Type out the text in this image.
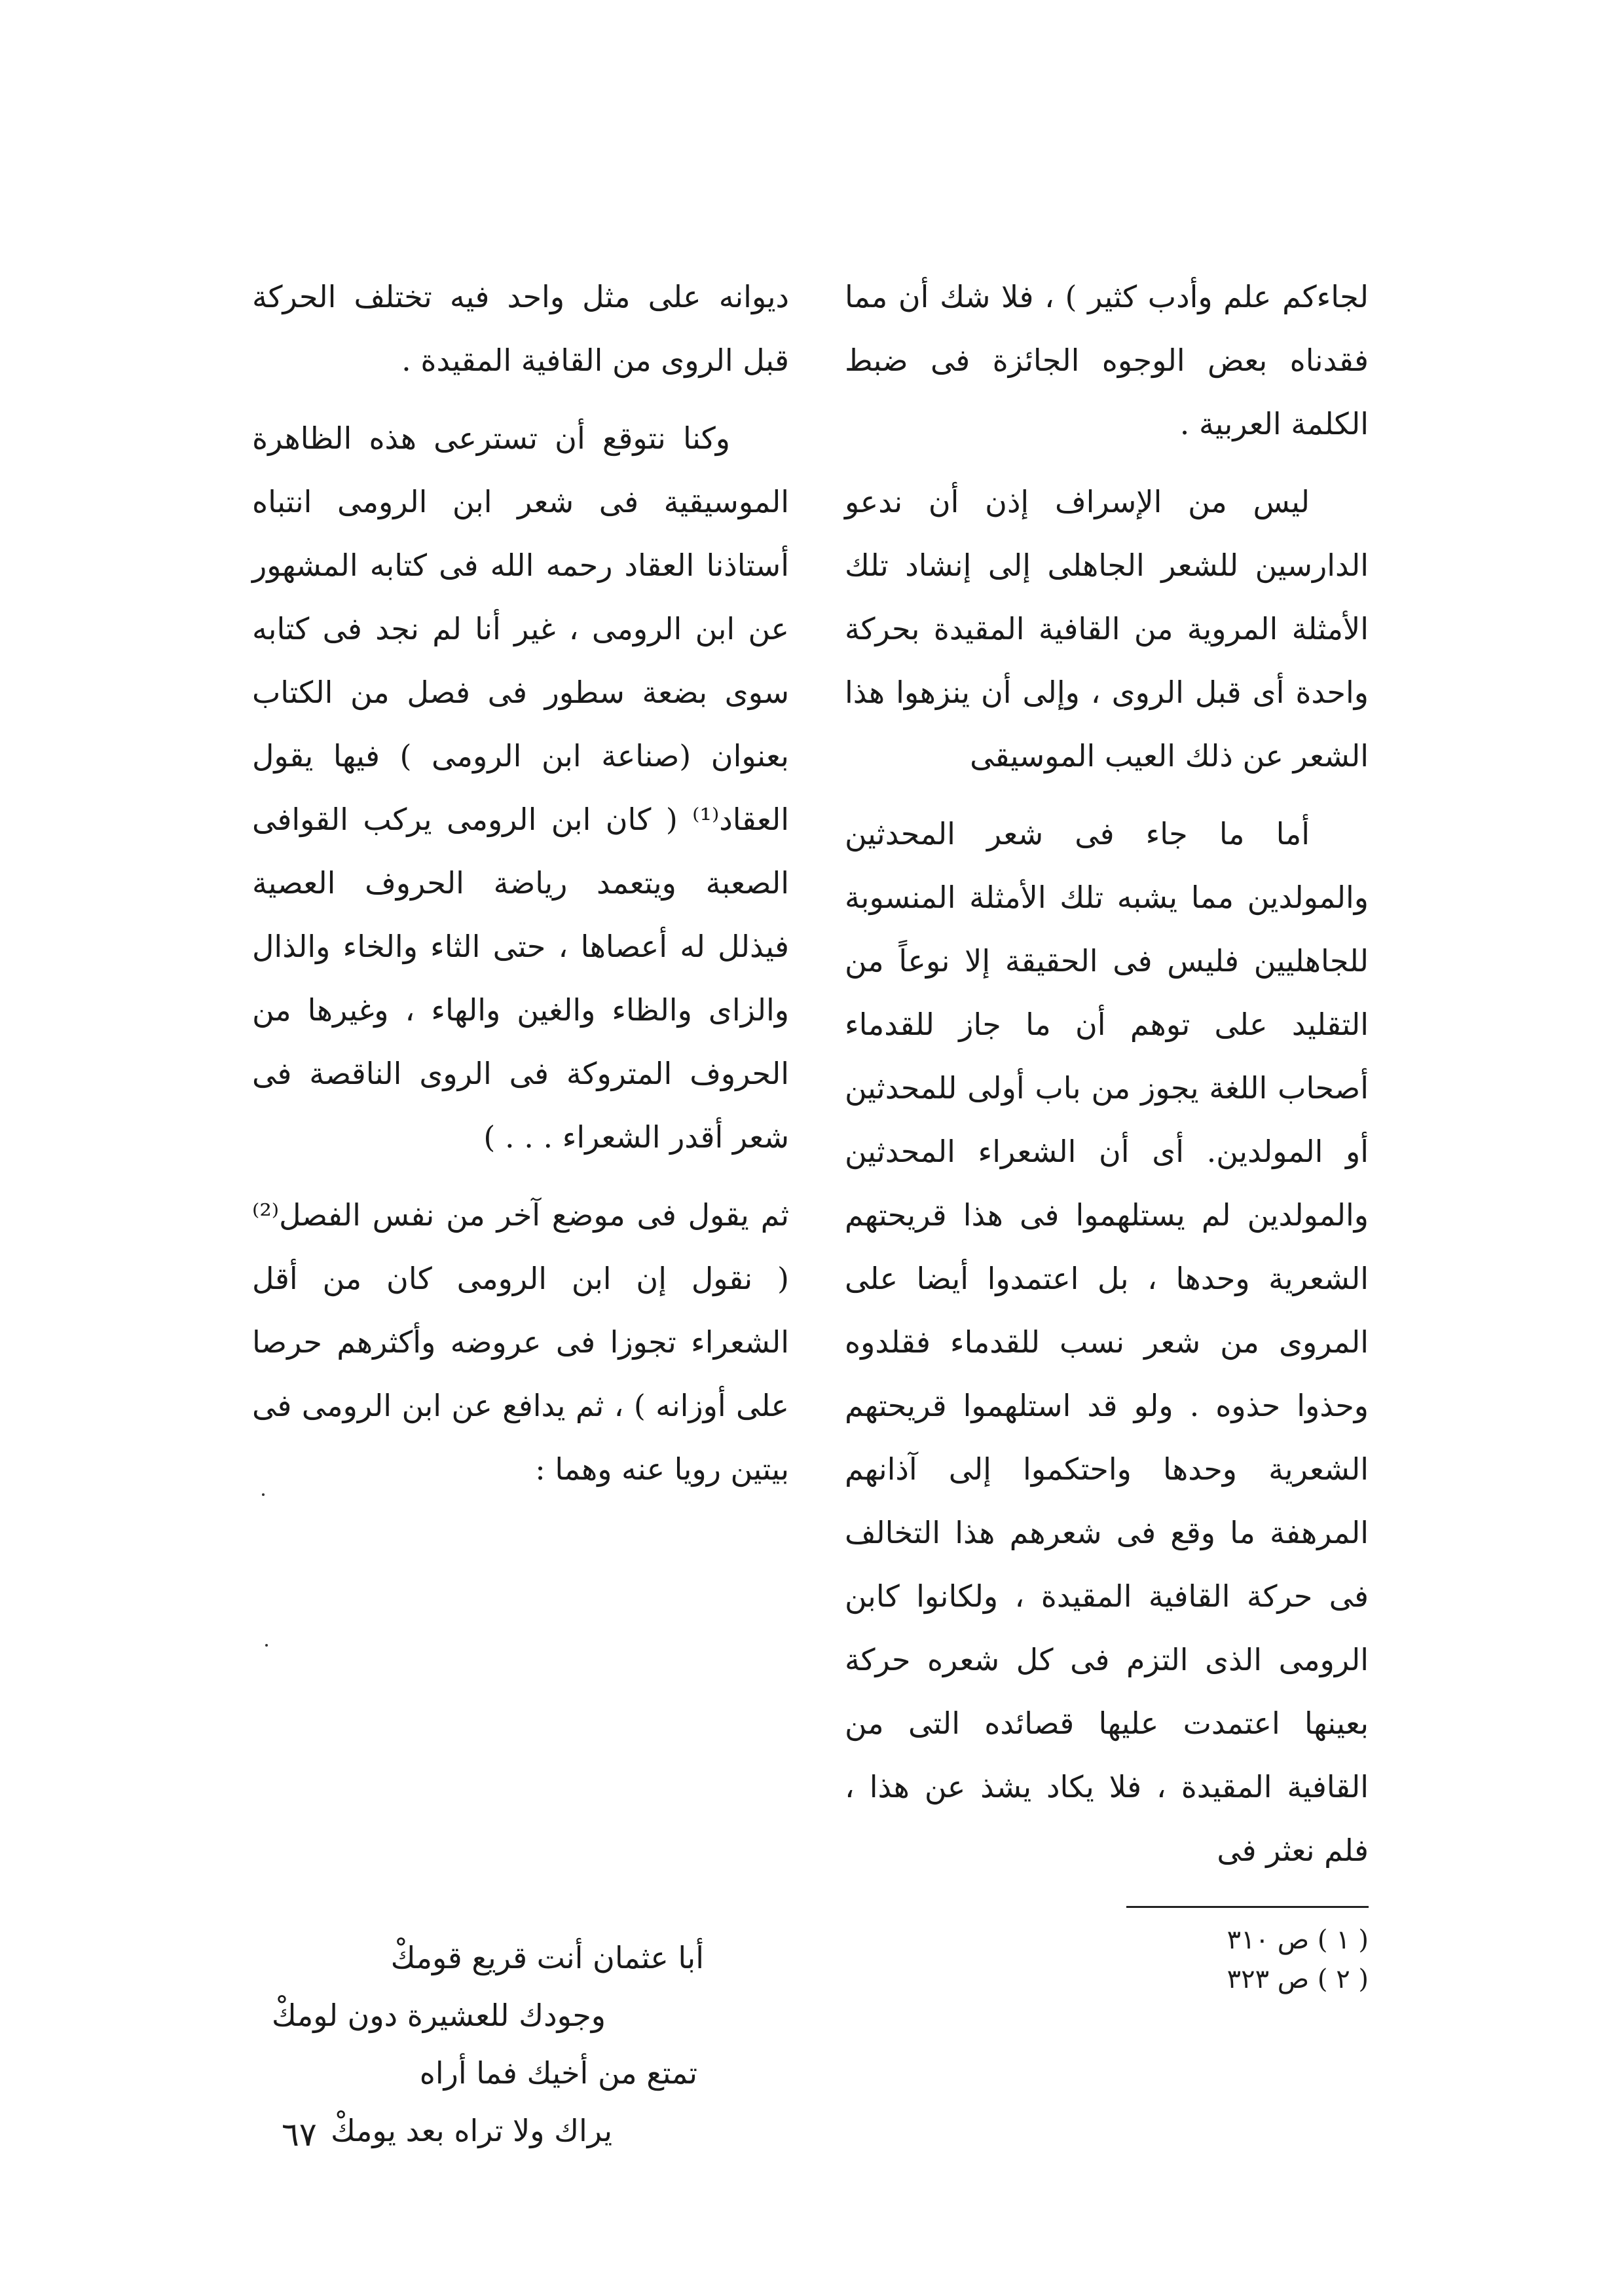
لجاءكم علم وأدب كثير ) ، فلا شك أن مما فقدناه بعض الوجوه الجائزة فى ضبط الكلمة العربية .

ليس من الإسراف إذن أن ندعو الدارسين للشعر الجاهلى إلى إنشاد تلك الأمثلة المروية من القافية المقيدة بحركة واحدة أى قبل الروى ، وإلى أن ينزهوا هذا الشعر عن ذلك العيب الموسيقى

أما ما جاء فى شعر المحدثين والمولدين مما يشبه تلك الأمثلة المنسوبة للجاهليين فليس فى الحقيقة إلا نوعاً من التقليد على توهم أن ما جاز للقدماء أصحاب اللغة يجوز من باب أولى للمحدثين أو المولدين. أى أن الشعراء المحدثين والمولدين لم يستلهموا فى هذا قريحتهم الشعرية وحدها ، بل اعتمدوا أيضا على المروى من شعر نسب للقدماء فقلدوه وحذوا حذوه . ولو قد استلهموا قريحتهم الشعرية وحدها واحتكموا إلى آذانهم المرهفة ما وقع فى شعرهم هذا التخالف فى حركة القافية المقيدة ، ولكانوا كابن الرومى الذى التزم فى كل شعره حركة بعينها اعتمدت عليها قصائده التى من القافية المقيدة ، فلا يكاد يشذ عن هذا ، فلم نعثر فى

ديوانه على مثل واحد فيه تختلف الحركة قبل الروى من القافية المقيدة .

وكنا نتوقع أن تسترعى هذه الظاهرة الموسيقية فى شعر ابن الرومى انتباه أستاذنا العقاد رحمه الله فى كتابه المشهور عن ابن الرومى ، غير أنا لم نجد فى كتابه سوى بضعة سطور فى فصل من الكتاب بعنوان (صناعة ابن الرومى ) فيها يقول العقاد⁽¹⁾ ( كان ابن الرومى يركب القوافى الصعبة ويتعمد رياضة الحروف العصية فيذلل له أعصاها ، حتى الثاء والخاء والذال والزاى والظاء والغين والهاء ، وغيرها من الحروف المتروكة فى الروى الناقصة فى شعر أقدر الشعراء . . . )

ثم يقول فى موضع آخر من نفس الفصل⁽²⁾ ( نقول إن ابن الرومى كان من أقل الشعراء تجوزا فى عروضه وأكثرهم حرصا على أوزانه ) ، ثم يدافع عن ابن الرومى فى بيتين رويا عنه وهما :

أبا عثمان أنت قريع قومكْ
وجودك للعشيرة دون لومكْ
تمتع من أخيك فما أراه
يراك ولا تراه بعد يومكْ
( ١ ) ص ٣١٠
( ٢ ) ص ٣٢٣
٦٧
